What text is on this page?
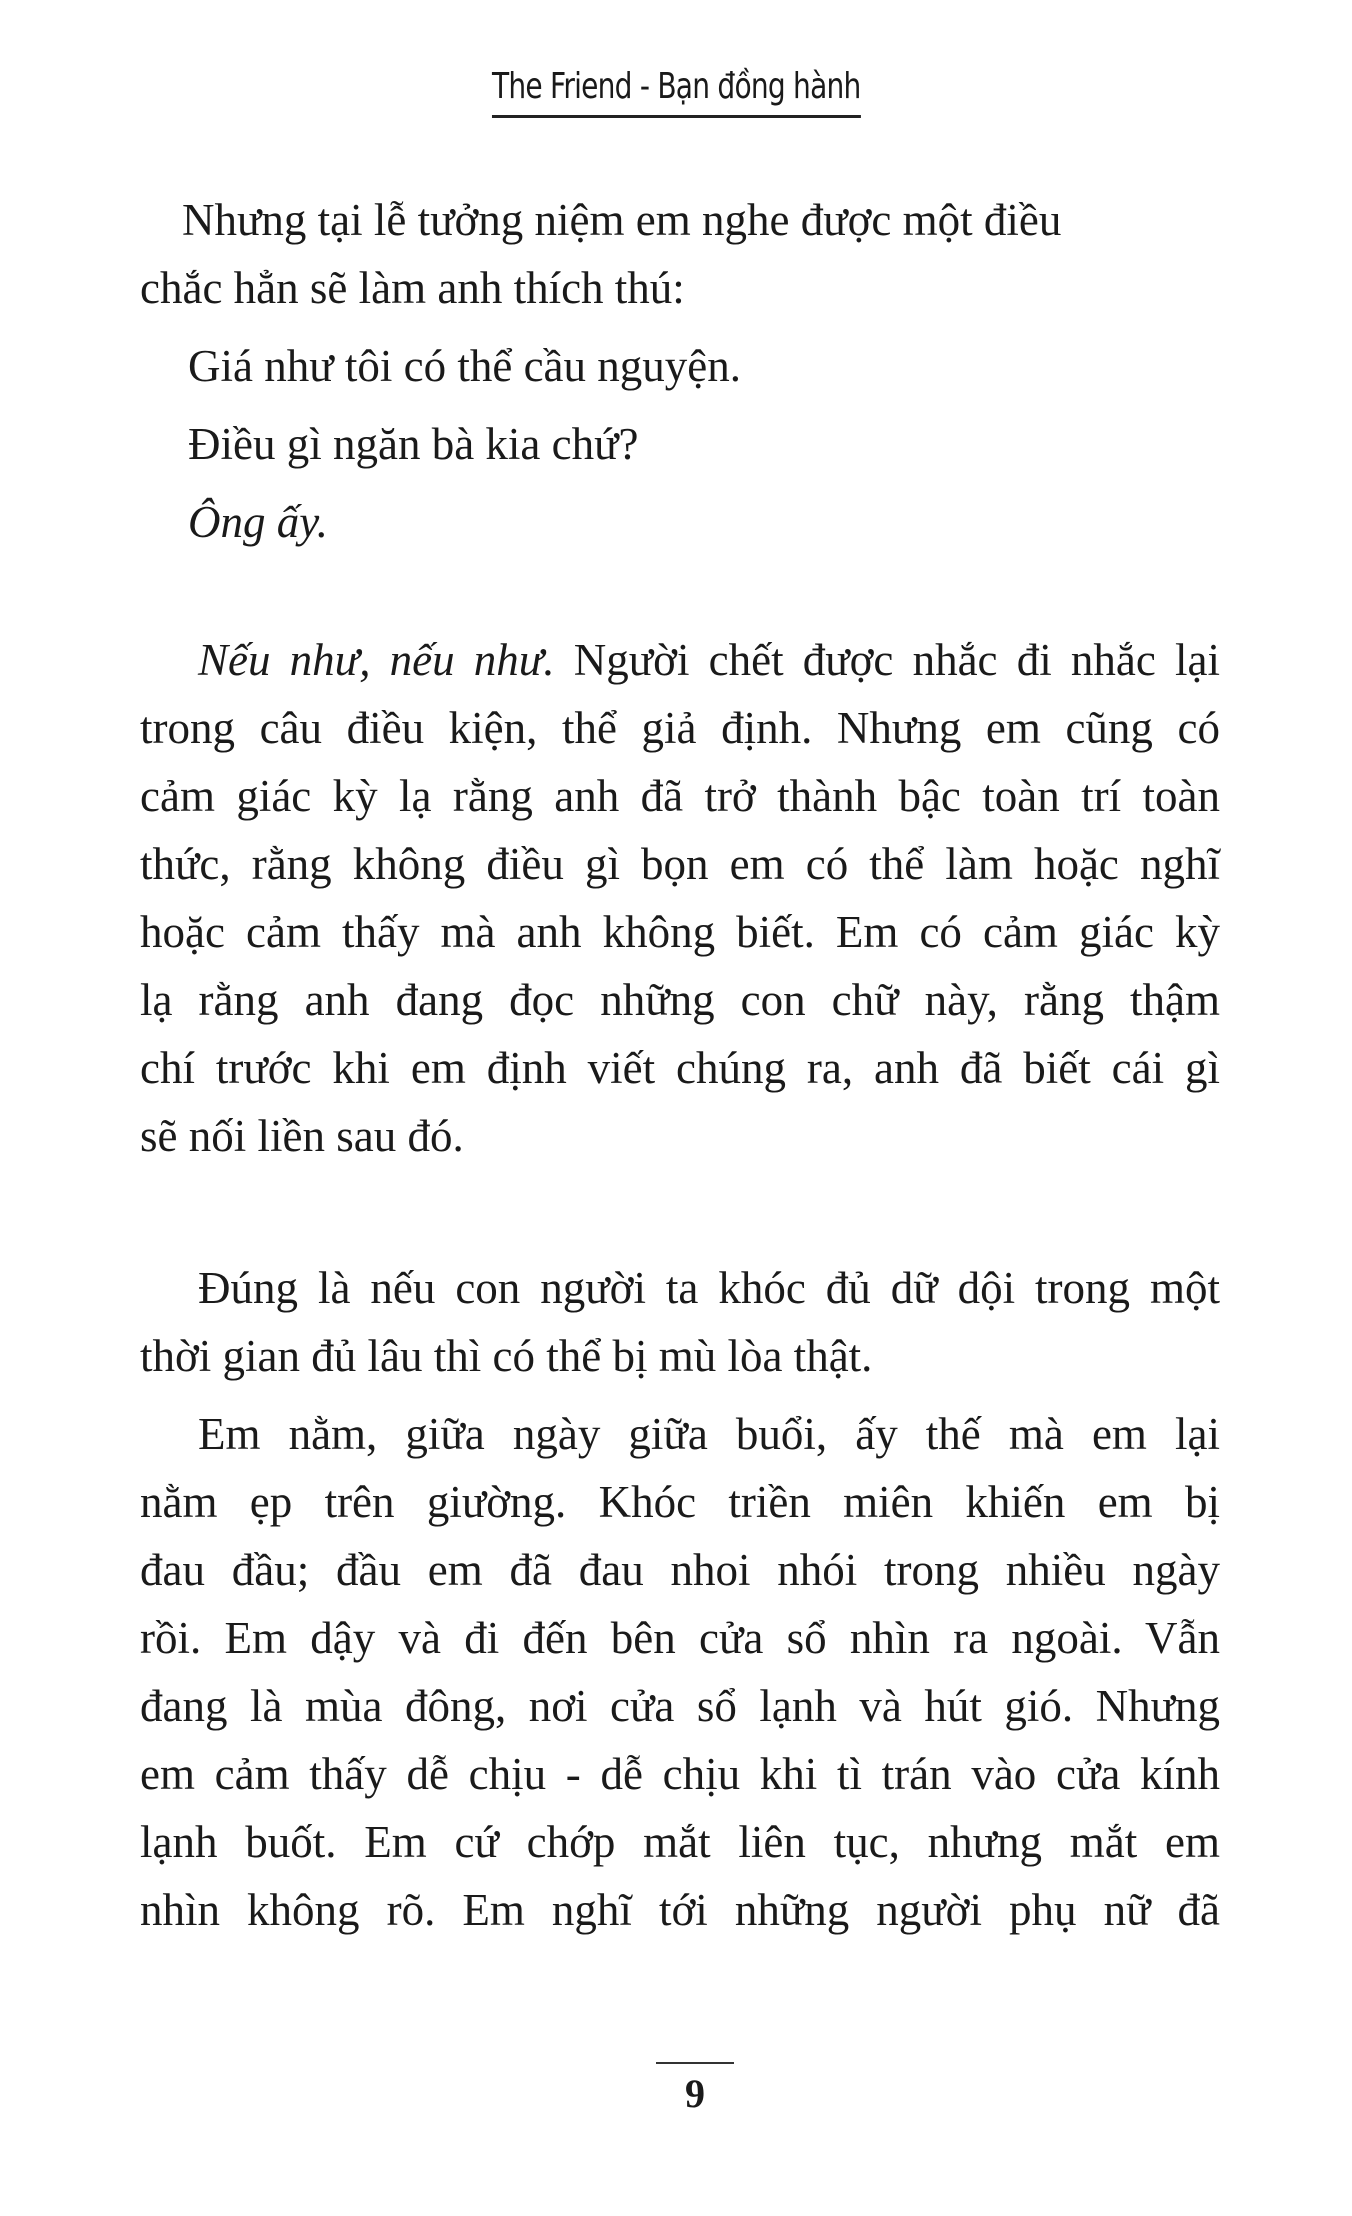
The Friend - Bạn đồng hành
Nhưng tại lễ tưởng niệm em nghe được một điều
chắc hẳn sẽ làm anh thích thú:
Giá như tôi có thể cầu nguyện.
Điều gì ngăn bà kia chứ?
Ông ấy.
Nếu như, nếu như. Người chết được nhắc đi nhắc lại
trong câu điều kiện, thể giả định. Nhưng em cũng có
cảm giác kỳ lạ rằng anh đã trở thành bậc toàn trí toàn
thức, rằng không điều gì bọn em có thể làm hoặc nghĩ
hoặc cảm thấy mà anh không biết. Em có cảm giác kỳ
lạ rằng anh đang đọc những con chữ này, rằng thậm
chí trước khi em định viết chúng ra, anh đã biết cái gì
sẽ nối liền sau đó.
Đúng là nếu con người ta khóc đủ dữ dội trong một
thời gian đủ lâu thì có thể bị mù lòa thật.
Em nằm, giữa ngày giữa buổi, ấy thế mà em lại
nằm ẹp trên giường. Khóc triền miên khiến em bị
đau đầu; đầu em đã đau nhoi nhói trong nhiều ngày
rồi. Em dậy và đi đến bên cửa sổ nhìn ra ngoài. Vẫn
đang là mùa đông, nơi cửa sổ lạnh và hút gió. Nhưng
em cảm thấy dễ chịu - dễ chịu khi tì trán vào cửa kính
lạnh buốt. Em cứ chớp mắt liên tục, nhưng mắt em
nhìn không rõ. Em nghĩ tới những người phụ nữ đã
9
